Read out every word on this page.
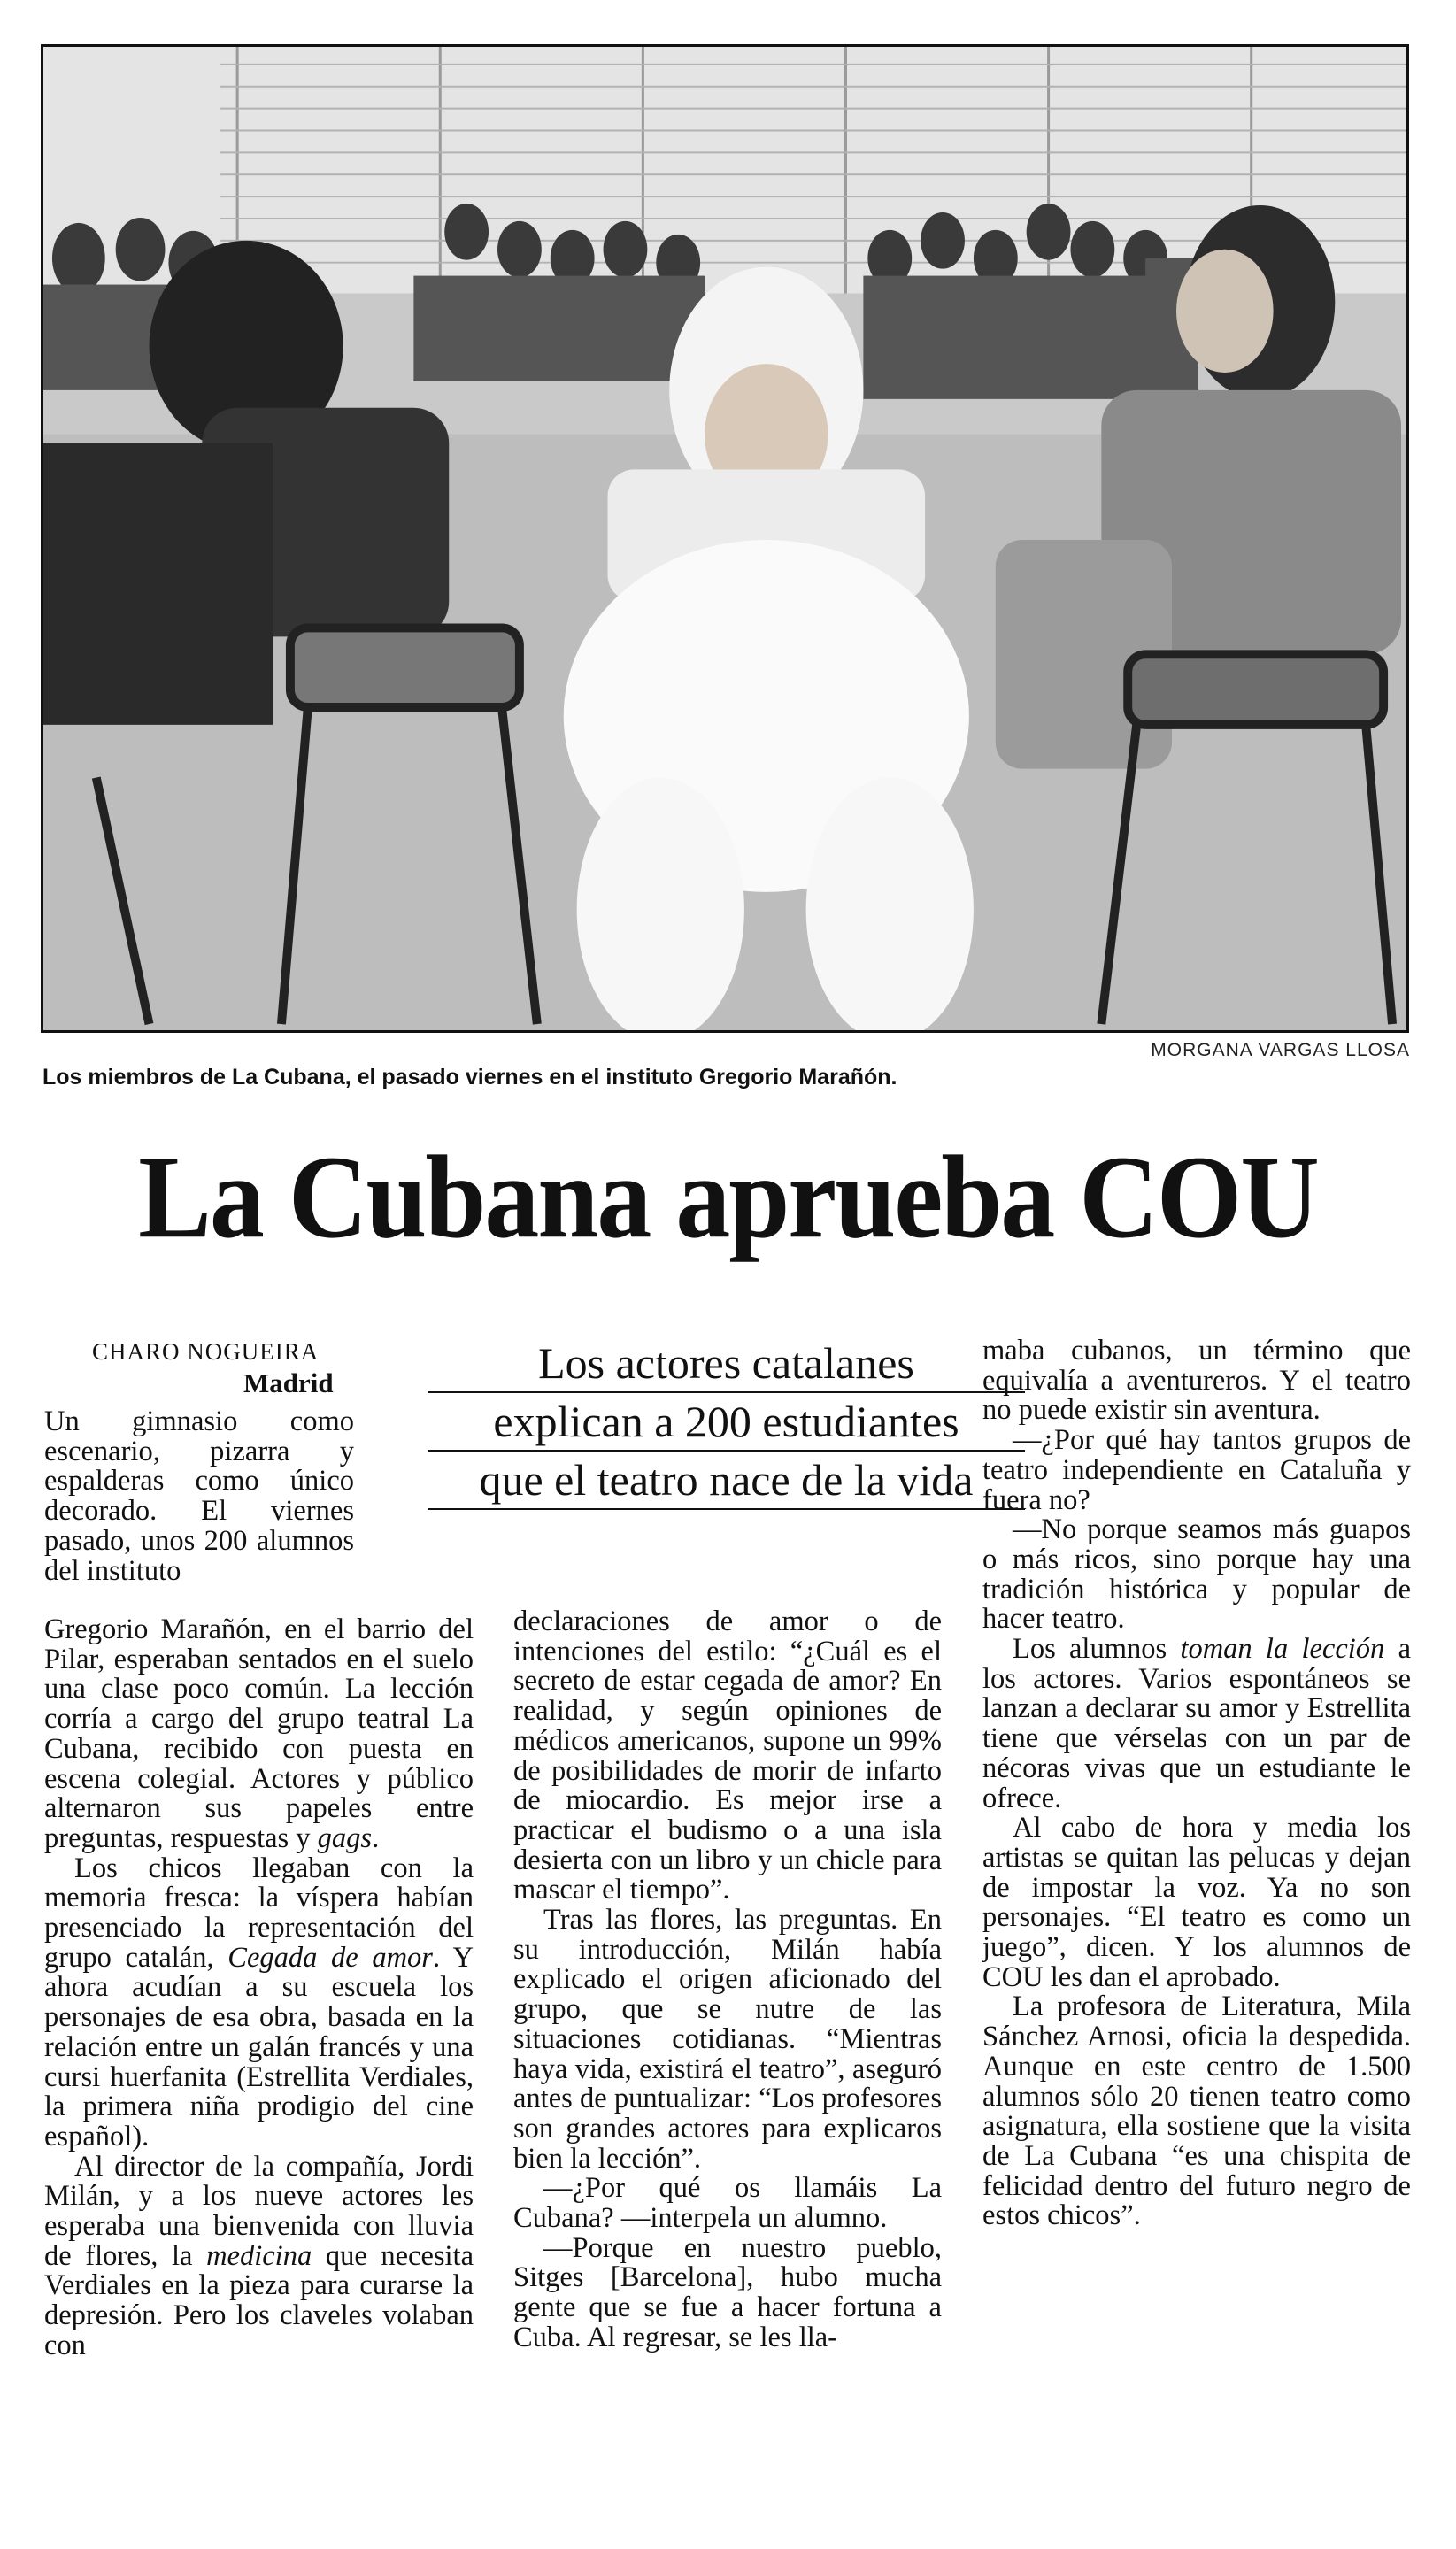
MORGANA VARGAS LLOSA
Los miembros de La Cubana, el pasado viernes en el instituto Gregorio Marañón.
La Cubana aprueba COU
CHARO NOGUEIRA
Madrid	Los actores catalanes
explican a 200 estudiantes
que el teatro nace de la vida

Un gimnasio como escenario, pizarra y espalderas como único decorado. El viernes pasado, unos 200 alumnos del instituto

Gregorio Marañón, en el barrio del Pilar, esperaban sentados en el suelo una clase poco común. La lección corría a cargo del grupo teatral La Cubana, recibido con puesta en escena colegial. Actores y público alternaron sus papeles entre preguntas, respuestas y gags.

Los chicos llegaban con la memoria fresca: la víspera habían presenciado la representación del grupo catalán, Cegada de amor. Y ahora acudían a su escuela los personajes de esa obra, basada en la relación entre un galán francés y una cursi huerfanita (Estrellita Verdiales, la primera niña prodigio del cine español).

Al director de la compañía, Jordi Milán, y a los nueve actores les esperaba una bienvenida con lluvia de flores, la medicina que necesita Verdiales en la pieza para curarse la depresión. Pero los claveles volaban con

declaraciones de amor o de intenciones del estilo: “¿Cuál es el secreto de estar cegada de amor? En realidad, y según opiniones de médicos americanos, supone un 99% de posibilidades de morir de infarto de miocardio. Es mejor irse a practicar el budismo o a una isla desierta con un libro y un chicle para mascar el tiempo”.

Tras las flores, las preguntas. En su introducción, Milán había explicado el origen aficionado del grupo, que se nutre de las situaciones cotidianas. “Mientras haya vida, existirá el teatro”, aseguró antes de puntualizar: “Los profesores son grandes actores para explicaros bien la lección”.

—¿Por qué os llamáis La Cubana? —interpela un alumno.

—Porque en nuestro pueblo, Sitges [Barcelona], hubo mucha gente que se fue a hacer fortuna a Cuba. Al regresar, se les lla-

maba cubanos, un término que equivalía a aventureros. Y el teatro no puede existir sin aventura.

—¿Por qué hay tantos grupos de teatro independiente en Cataluña y fuera no?

—No porque seamos más guapos o más ricos, sino porque hay una tradición histórica y popular de hacer teatro.

Los alumnos toman la lección a los actores. Varios espontáneos se lanzan a declarar su amor y Estrellita tiene que vérselas con un par de nécoras vivas que un estudiante le ofrece.

Al cabo de hora y media los artistas se quitan las pelucas y dejan de impostar la voz. Ya no son personajes. “El teatro es como un juego”, dicen. Y los alumnos de COU les dan el aprobado.

La profesora de Literatura, Mila Sánchez Arnosi, oficia la despedida. Aunque en este centro de 1.500 alumnos sólo 20 tienen teatro como asignatura, ella sostiene que la visita de La Cubana “es una chispita de felicidad dentro del futuro negro de estos chicos”.
